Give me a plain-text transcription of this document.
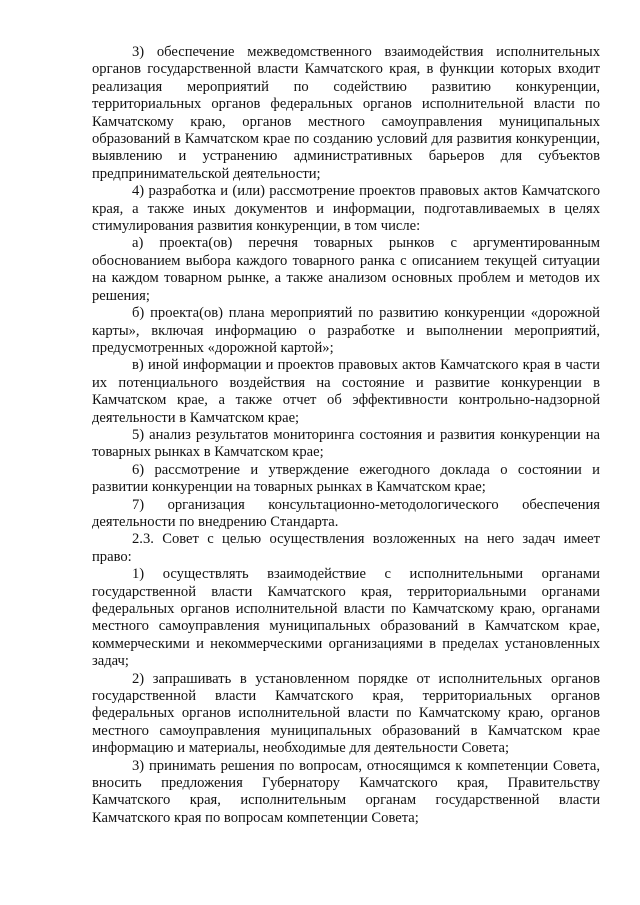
3) обеспечение межведомственного взаимодействия исполнительных органов государственной власти Камчатского края, в функции которых входит реализация мероприятий по содействию развитию конкуренции, территориальных органов федеральных органов исполнительной власти по Камчатскому краю, органов местного самоуправления муниципальных образований в Камчатском крае по созданию условий для развития конкуренции, выявлению и устранению административных барьеров для субъектов предпринимательской деятельности;

4) разработка и (или) рассмотрение проектов правовых актов Камчатского края, а также иных документов и информации, подготавливаемых в целях стимулирования развития конкуренции, в том числе:

а) проекта(ов) перечня товарных рынков с аргументированным обоснованием выбора каждого товарного ранка с описанием текущей ситуации на каждом товарном рынке, а также анализом основных проблем и методов их решения;

б) проекта(ов) плана мероприятий по развитию конкуренции «дорожной карты», включая информацию о разработке и выполнении мероприятий, предусмотренных «дорожной картой»;

в) иной информации и проектов правовых актов Камчатского края в части их потенциального воздействия на состояние и развитие конкуренции в Камчатском крае, а также отчет об эффективности контрольно-надзорной деятельности в Камчатском крае;

5) анализ результатов мониторинга состояния и развития конкуренции на товарных рынках в Камчатском крае;

6) рассмотрение и утверждение ежегодного доклада о состоянии и развитии конкуренции на товарных рынках в Камчатском крае;

7) организация консультационно-методологического обеспечения деятельности по внедрению Стандарта.

2.3. Совет с целью осуществления возложенных на него задач имеет право:

1) осуществлять взаимодействие с исполнительными органами государственной власти Камчатского края, территориальными органами федеральных органов исполнительной власти по Камчатскому краю, органами местного самоуправления муниципальных образований в Камчатском крае, коммерческими и некоммерческими организациями в пределах установленных задач;

2) запрашивать в установленном порядке от исполнительных органов государственной власти Камчатского края, территориальных органов федеральных органов исполнительной власти по Камчатскому краю, органов местного самоуправления муниципальных образований в Камчатском крае информацию и материалы, необходимые для деятельности Совета;

3) принимать решения по вопросам, относящимся к компетенции Совета, вносить предложения Губернатору Камчатского края, Правительству Камчатского края, исполнительным органам государственной власти Камчатского края по вопросам компетенции Совета;
